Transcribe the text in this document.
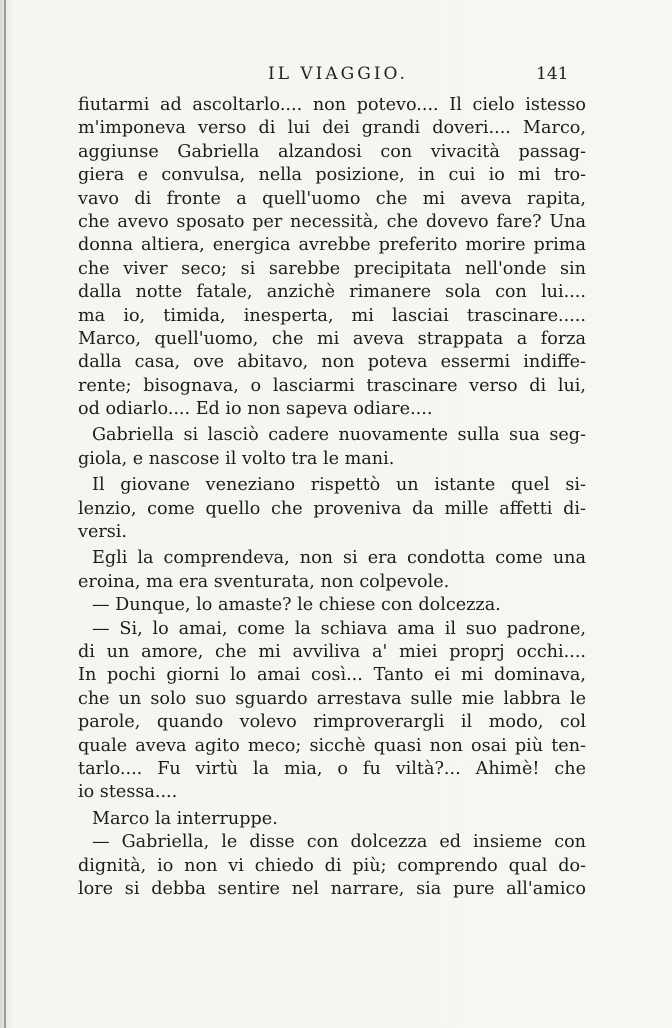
IL VIAGGIO.	141
fiutarmi ad ascoltarlo.... non potevo.... Il cielo istesso
m'imponeva verso di lui dei grandi doveri.... Marco,
aggiunse Gabriella alzandosi con vivacità passag-
giera e convulsa, nella posizione, in cui io mi tro-
vavo di fronte a quell'uomo che mi aveva rapita,
che avevo sposato per necessità, che dovevo fare? Una
donna altiera, energica avrebbe preferito morire prima
che viver seco; si sarebbe precipitata nell'onde sin
dalla notte fatale, anzichè rimanere sola con lui....
ma io, timida, inesperta, mi lasciai trascinare.....
Marco, quell'uomo, che mi aveva strappata a forza
dalla casa, ove abitavo, non poteva essermi indiffe-
rente; bisognava, o lasciarmi trascinare verso di lui,
od odiarlo.... Ed io non sapeva odiare....
Gabriella si lasciò cadere nuovamente sulla sua seg-
giola, e nascose il volto tra le mani.
Il giovane veneziano rispettò un istante quel si-
lenzio, come quello che proveniva da mille affetti di-
versi.
Egli la comprendeva, non si era condotta come una
eroina, ma era sventurata, non colpevole.
— Dunque, lo amaste? le chiese con dolcezza.
— Si, lo amai, come la schiava ama il suo padrone,
di un amore, che mi avviliva a' miei proprj occhi....
In pochi giorni lo amai così... Tanto ei mi dominava,
che un solo suo sguardo arrestava sulle mie labbra le
parole, quando volevo rimproverargli il modo, col
quale aveva agito meco; sicchè quasi non osai più ten-
tarlo.... Fu virtù la mia, o fu viltà?... Ahimè! che
io stessa....
Marco la interruppe.
— Gabriella, le disse con dolcezza ed insieme con
dignità, io non vi chiedo di più; comprendo qual do-
lore si debba sentire nel narrare, sia pure all'amico
